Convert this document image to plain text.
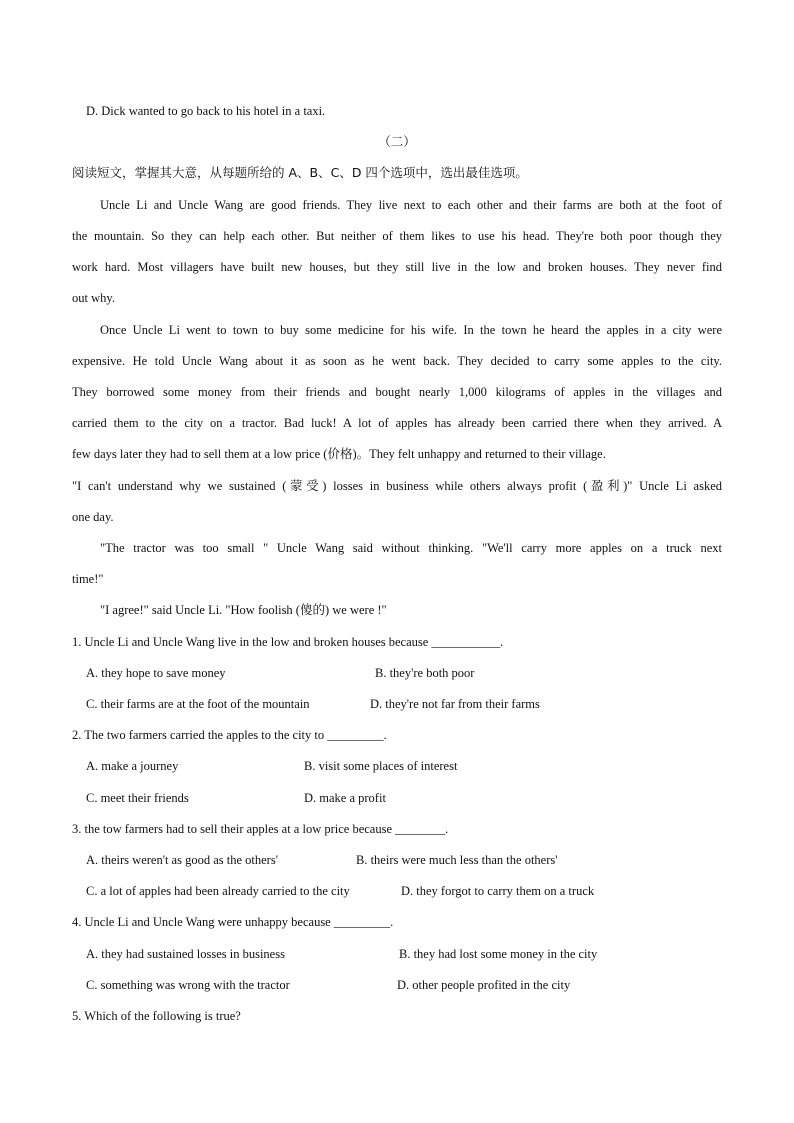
D. Dick wanted to go back to his hotel in a taxi.
（二）
阅读短文，掌握其大意，从每题所给的 A、B、C、D 四个选项中，选出最佳选项。
Uncle Li and Uncle Wang are good friends. They live next to each other and their farms are both at the foot of
the mountain. So they can help each other. But neither of them likes to use his head. They're both poor though they
work hard. Most villagers have built new houses, but they still live in the low and broken houses. They never find
out why.
Once Uncle Li went to town to buy some medicine for his wife. In the town he heard the apples in a city were
expensive. He told Uncle Wang about it as soon as he went back. They decided to carry some apples to the city.
They borrowed some money from their friends and bought nearly 1,000 kilograms of apples in the villages and
carried them to the city on a tractor. Bad luck! A lot of apples has already been carried there when they arrived. A
few days later they had to sell them at a low price (价格)。They felt unhappy and returned to their village.
"I can't understand why we sustained (蒙受) losses in business while others always profit (盈利)" Uncle Li asked
one day.
"The tractor was too small " Uncle Wang said without thinking. "We'll carry more apples on a truck next
time!"
"I agree!" said Uncle Li. "How foolish (傻的) we were !"
1. Uncle Li and Uncle Wang live in the low and broken houses because ___________.
A. they hope to save money	B. they're both poor
C. their farms are at the foot of the mountain	D. they're not far from their farms
2. The two farmers carried the apples to the city to _________.
A. make a journey	B. visit some places of interest
C. meet their friends	D. make a profit
3. the tow farmers had to sell their apples at a low price because ________.
A. theirs weren't as good as the others'	B. theirs were much less than the others'
C. a lot of apples had been already carried to the city	D. they forgot to carry them on a truck
4. Uncle Li and Uncle Wang were unhappy because _________.
A. they had sustained losses in business	B. they had lost some money in the city
C. something was wrong with the tractor	D. other people profited in the city
5. Which of the following is true?
